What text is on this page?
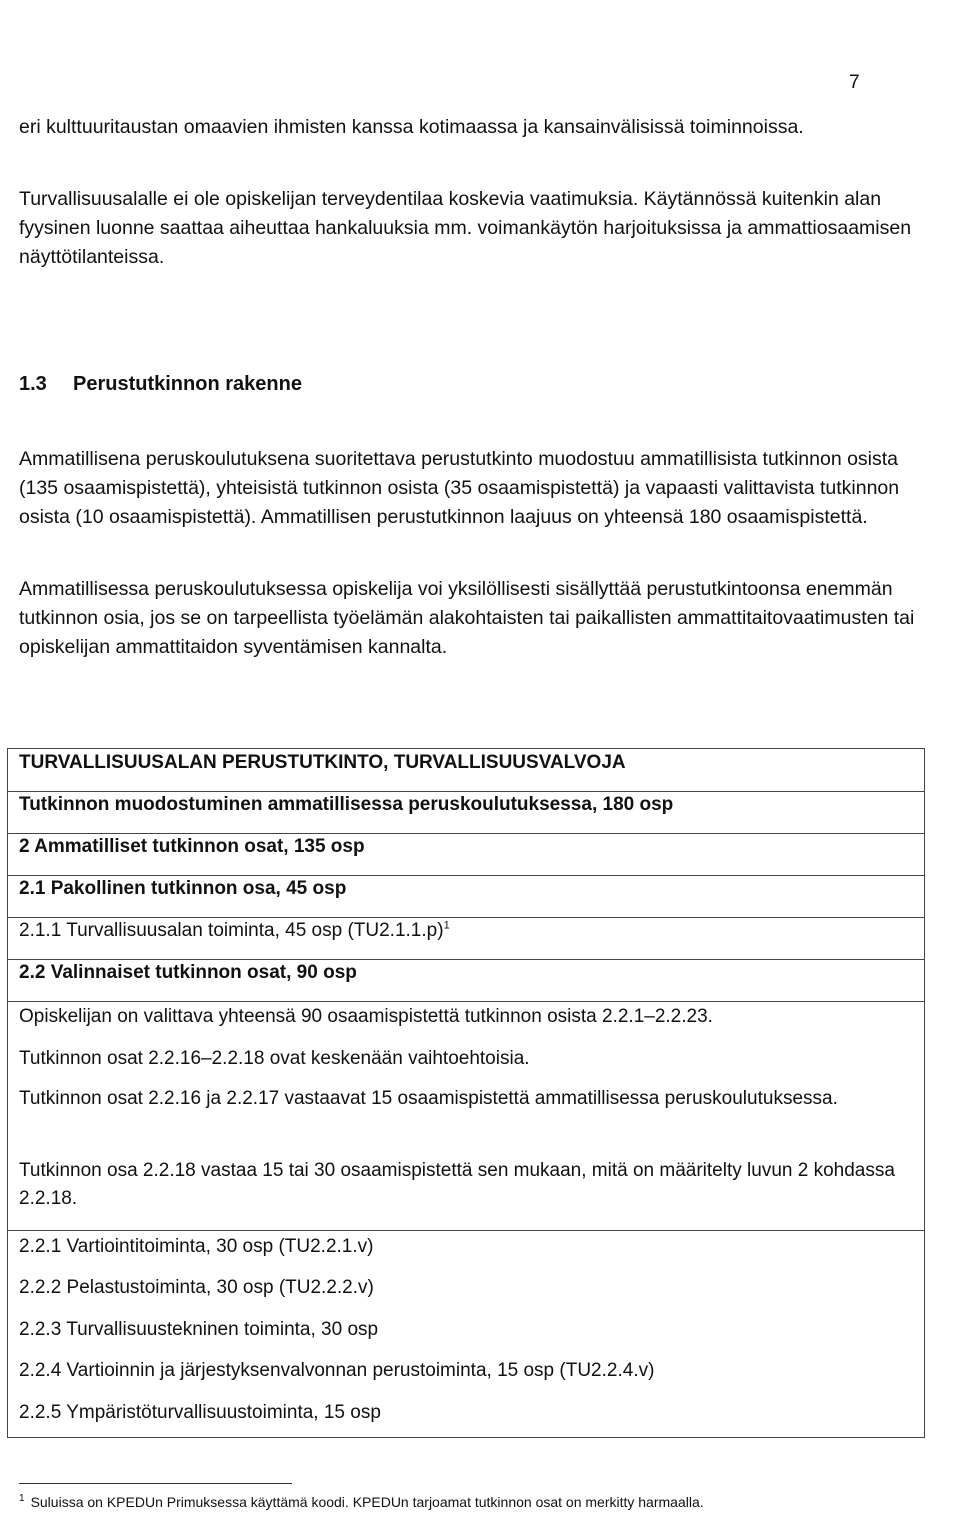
7

eri kulttuuritaustan omaavien ihmisten kanssa kotimaassa ja kansainvälisissä toiminnoissa.

Turvallisuusalalle ei ole opiskelijan terveydentilaa koskevia vaatimuksia. Käytännössä kuitenkin alan fyysinen luonne saattaa aiheuttaa hankaluuksia mm. voimankäytön harjoituksissa ja ammattiosaamisen näyttötilanteissa.

1.3 Perustutkinnon rakenne

Ammatillisena peruskoulutuksena suoritettava perustutkinto muodostuu ammatillisista tutkinnon osista (135 osaamispistettä), yhteisistä tutkinnon osista (35 osaamispistettä) ja vapaasti valittavista tutkinnon osista (10 osaamispistettä). Ammatillisen perustutkinnon laajuus on yhteensä 180 osaamispistettä.

Ammatillisessa peruskoulutuksessa opiskelija voi yksilöllisesti sisällyttää perustutkintoonsa enemmän tutkinnon osia, jos se on tarpeellista työelämän alakohtaisten tai paikallisten ammattitaitovaatimusten tai opiskelijan ammattitaidon syventämisen kannalta.

TURVALLISUUSALAN PERUSTUTKINTO, TURVALLISUUSVALVOJA
Tutkinnon muodostuminen ammatillisessa peruskoulutuksessa, 180 osp
2 Ammatilliset tutkinnon osat, 135 osp
2.1 Pakollinen tutkinnon osa, 45 osp
2.1.1 Turvallisuusalan toiminta, 45 osp $(TU2.1.1.p)^1$
2.2 Valinnaiset tutkinnon osat, 90 osp
Opiskelijan on valittava yhteensä 90 osaamispistettä tutkinnon osista 2.2.1–2.2.23.
Tutkinnon osat 2.2.16–2.2.18 ovat keskenään vaihtoehtoisia.
Tutkinnon osat 2.2.16 ja 2.2.17 vastaavat 15 osaamispistettä ammatillisessa peruskoulutuksessa.
Tutkinnon osa 2.2.18 vastaa 15 tai 30 osaamispistettä sen mukaan, mitä on määritelty luvun 2 kohdassa 2.2.18.
2.2.1 Vartiointitoiminta, 30 osp (TU2.2.1.v)
2.2.2 Pelastustoiminta, 30 osp (TU2.2.2.v)
2.2.3 Turvallisuustekninen toiminta, 30 osp
2.2.4 Vartioinnin ja järjestyksenvalvonnan perustoiminta, 15 osp (TU2.2.4.v)
2.2.5 Ympäristöturvallisuustoiminta, 15 osp
$^1$ Suluissa on KPEDUn Primuksessa käyttämä koodi. KPEDUn tarjoamat tutkinnon osat on merkitty harmaalla.
